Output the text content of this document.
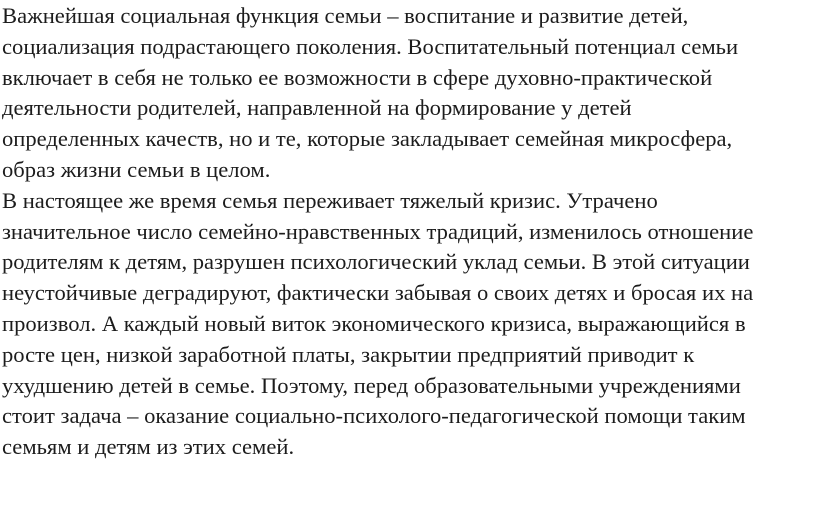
Важнейшая социальная функция семьи – воспитание и развитие детей,
социализация подрастающего поколения. Воспитательный потенциал семьи
включает в себя не только ее возможности в сфере духовно-практической
деятельности родителей, направленной на формирование у детей
определенных качеств, но и те, которые закладывает семейная микросфера,
образ жизни семьи в целом.

В настоящее же время семья переживает тяжелый кризис. Утрачено
значительное число семейно-нравственных традиций, изменилось отношение
родителям к детям, разрушен психологический уклад семьи. В этой ситуации
неустойчивые деградируют, фактически забывая о своих детях и бросая их на
произвол. А каждый новый виток экономического кризиса, выражающийся в
росте цен, низкой заработной платы, закрытии предприятий приводит к
ухудшению детей в семье. Поэтому, перед образовательными учреждениями
стоит задача – оказание социально-психолого-педагогической помощи таким
семьям и детям из этих семей.
